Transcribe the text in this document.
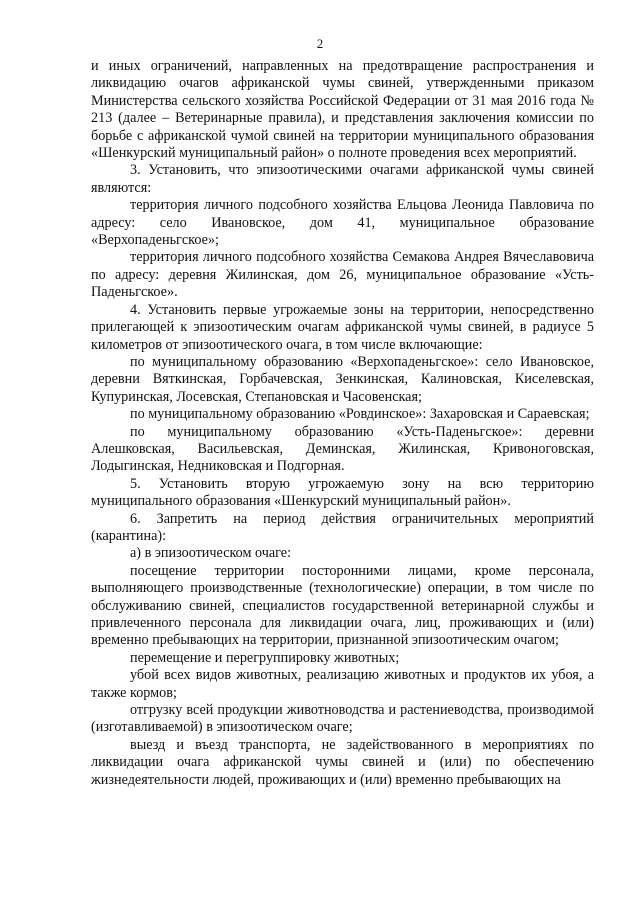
2

и иных ограничений, направленных на предотвращение распространения и ликвидацию очагов африканской чумы свиней, утвержденными приказом Министерства сельского хозяйства Российской Федерации от 31 мая 2016 года № 213 (далее – Ветеринарные правила), и представления заключения комиссии по борьбе с африканской чумой свиней на территории муниципального образования «Шенкурский муниципальный район» о полноте проведения всех мероприятий.

3. Установить, что эпизоотическими очагами африканской чумы свиней являются:

территория личного подсобного хозяйства Ельцова Леонида Павловича по адресу: село Ивановское, дом 41, муниципальное образование «Верхопаденьгское»;

территория личного подсобного хозяйства Семакова Андрея Вячеславовича по адресу: деревня Жилинская, дом 26, муниципальное образование «Усть-Паденьгское».

4. Установить первые угрожаемые зоны на территории, непосредственно прилегающей к эпизоотическим очагам африканской чумы свиней, в радиусе 5 километров от эпизоотического очага, в том числе включающие:

по муниципальному образованию «Верхопаденьгское»: село Ивановское, деревни Вяткинская, Горбачевская, Зенкинская, Калиновская, Киселевская, Купуринская, Лосевская, Степановская и Часовенская;

по муниципальному образованию «Ровдинское»: Захаровская и Сараевская;

по муниципальному образованию «Усть-Паденьгское»: деревни Алешковская, Васильевская, Деминская, Жилинская, Кривоноговская, Лодыгинская, Недниковская и Подгорная.

5. Установить вторую угрожаемую зону на всю территорию муниципального образования «Шенкурский муниципальный район».

6. Запретить на период действия ограничительных мероприятий (карантина):

а) в эпизоотическом очаге:

посещение территории посторонними лицами, кроме персонала, выполняющего производственные (технологические) операции, в том числе по обслуживанию свиней, специалистов государственной ветеринарной службы и привлеченного персонала для ликвидации очага, лиц, проживающих и (или) временно пребывающих на территории, признанной эпизоотическим очагом;

перемещение и перегруппировку животных;

убой всех видов животных, реализацию животных и продуктов их убоя, а также кормов;

отгрузку всей продукции животноводства и растениеводства, производимой (изготавливаемой) в эпизоотическом очаге;

выезд и въезд транспорта, не задействованного в мероприятиях по ликвидации очага африканской чумы свиней и (или) по обеспечению жизнедеятельности людей, проживающих и (или) временно пребывающих на
